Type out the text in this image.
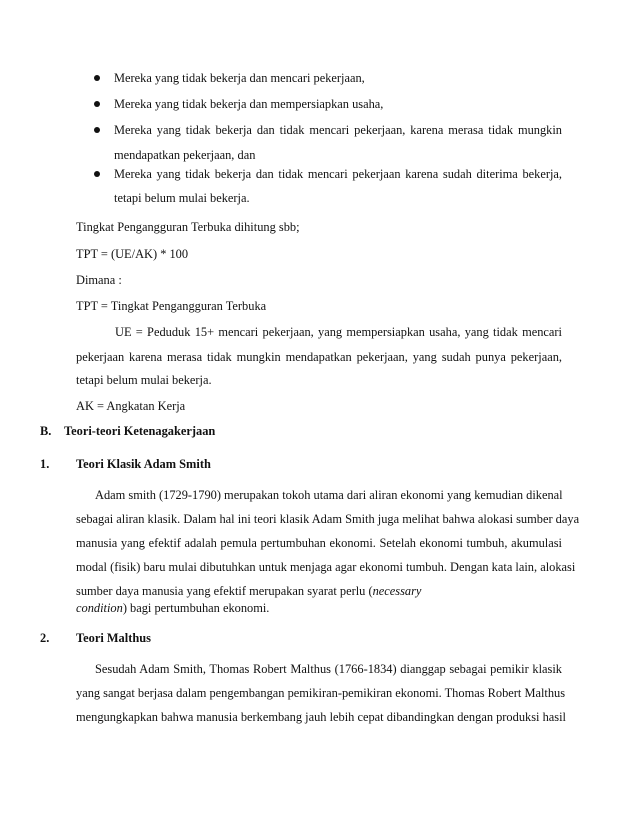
Mereka yang tidak bekerja dan mencari pekerjaan,
Mereka yang tidak bekerja dan mempersiapkan usaha,
Mereka yang tidak bekerja dan tidak mencari pekerjaan, karena merasa tidak mungkin
mendapatkan pekerjaan, dan
Mereka yang tidak bekerja dan tidak mencari pekerjaan karena sudah diterima bekerja,
tetapi belum mulai bekerja.
Tingkat Pengangguran Terbuka dihitung sbb;
TPT = (UE/AK) * 100
Dimana :
TPT = Tingkat Pengangguran Terbuka
UE = Peduduk 15+ mencari pekerjaan, yang mempersiapkan usaha, yang tidak mencari
pekerjaan karena merasa tidak mungkin mendapatkan pekerjaan, yang sudah punya pekerjaan,
tetapi belum mulai bekerja.
AK = Angkatan Kerja
B. Teori-teori Ketenagakerjaan
1. Teori Klasik Adam Smith
Adam smith (1729-1790) merupakan tokoh utama dari aliran ekonomi yang kemudian dikenal
sebagai aliran klasik. Dalam hal ini teori klasik Adam Smith juga melihat bahwa alokasi sumber daya
manusia yang efektif adalah pemula pertumbuhan ekonomi. Setelah ekonomi tumbuh, akumulasi
modal (fisik) baru mulai dibutuhkan untuk menjaga agar ekonomi tumbuh. Dengan kata lain, alokasi
sumber daya manusia yang efektif merupakan syarat perlu (necessary
condition) bagi pertumbuhan ekonomi.
2. Teori Malthus
Sesudah Adam Smith, Thomas Robert Malthus (1766-1834) dianggap sebagai pemikir klasik
yang sangat berjasa dalam pengembangan pemikiran-pemikiran ekonomi. Thomas Robert Malthus
mengungkapkan bahwa manusia berkembang jauh lebih cepat dibandingkan dengan produksi hasil
